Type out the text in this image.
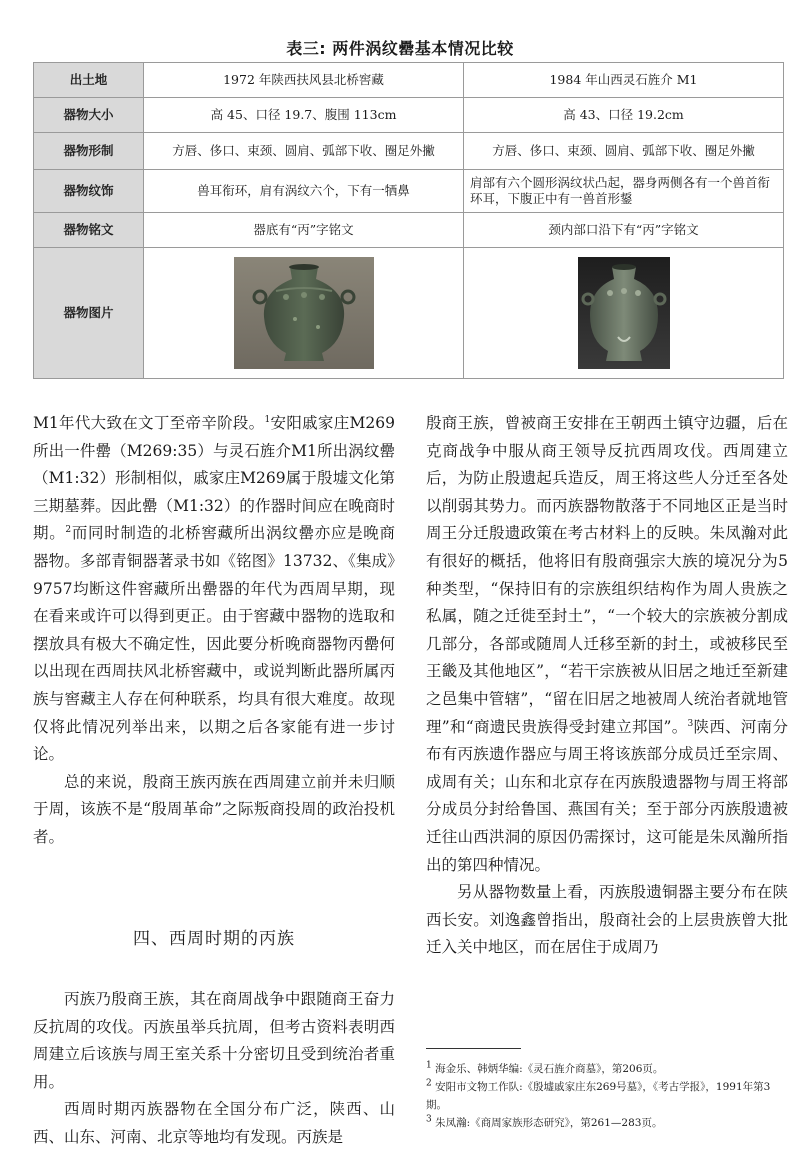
表三: 两件涡纹罍基本情况比较
出土地	1972 年陕西扶风县北桥窖藏	1984 年山西灵石旌介 M1
器物大小	高 45、口径 19.7、腹围 113cm	高 43、口径 19.2cm
器物形制	方唇、侈口、束颈、圆肩、弧部下收、圈足外撇	方唇、侈口、束颈、圆肩、弧部下收、圈足外撇
器物纹饰	兽耳衔环，肩有涡纹六个，下有一牺鼻	肩部有六个圆形涡纹状凸起，器身两侧各有一个兽首衔环耳，下腹正中有一兽首形鋬
器物铭文	器底有“丙”字铭文	颈内部口沿下有“丙”字铭文
器物图片		

M1年代大致在文丁至帝辛阶段。$^1$安阳戚家庄M269所出一件罍（M269:35）与灵石旌介M1所出涡纹罍（M1:32）形制相似，戚家庄M269属于殷墟文化第三期墓葬。因此罍（M1:32）的作器时间应在晚商时期。$^2$而同时制造的北桥窖藏所出涡纹罍亦应是晚商器物。多部青铜器著录书如《铭图》13732、《集成》9757均断这件窖藏所出罍器的年代为西周早期，现在看来或许可以得到更正。由于窖藏中器物的选取和摆放具有极大不确定性，因此要分析晚商器物丙罍何以出现在西周扶风北桥窖藏中，或说判断此器所属丙族与窖藏主人存在何种联系，均具有很大难度。故现仅将此情况列举出来，以期之后各家能有进一步讨论。

总的来说，殷商王族丙族在西周建立前并未归顺于周，该族不是“殷周革命”之际叛商投周的政治投机者。

四、西周时期的丙族

丙族乃殷商王族，其在商周战争中跟随商王奋力反抗周的攻伐。丙族虽举兵抗周，但考古资料表明西周建立后该族与周王室关系十分密切且受到统治者重用。

西周时期丙族器物在全国分布广泛，陕西、山西、山东、河南、北京等地均有发现。丙族是

殷商王族，曾被商王安排在王朝西土镇守边疆，后在克商战争中服从商王领导反抗西周攻伐。西周建立后，为防止殷遗起兵造反，周王将这些人分迁至各处以削弱其势力。而丙族器物散落于不同地区正是当时周王分迁殷遗政策在考古材料上的反映。朱凤瀚对此有很好的概括，他将旧有殷商强宗大族的境况分为5种类型，“保持旧有的宗族组织结构作为周人贵族之私属，随之迁徙至封土”，“一个较大的宗族被分割成几部分，各部或随周人迁移至新的封土，或被移民至王畿及其他地区”，“若干宗族被从旧居之地迁至新建之邑集中管辖”，“留在旧居之地被周人统治者就地管理”和“商遗民贵族得受封建立邦国”。$^3$陕西、河南分布有丙族遗作器应与周王将该族部分成员迁至宗周、成周有关；山东和北京存在丙族殷遗器物与周王将部分成员分封给鲁国、燕国有关；至于部分丙族殷遗被迁往山西洪洞的原因仍需探讨，这可能是朱凤瀚所指出的第四种情况。

另从器物数量上看，丙族殷遗铜器主要分布在陕西长安。刘逸鑫曾指出，殷商社会的上层贵族曾大批迁入关中地区，而在居住于成周乃

$^1$ 海金乐、韩炳华编:《灵石旌介商墓》，第206页。
$^2$ 安阳市文物工作队:《殷墟戚家庄东269号墓》，《考古学报》，1991年第3期。
$^3$ 朱凤瀚:《商周家族形态研究》，第261—283页。
